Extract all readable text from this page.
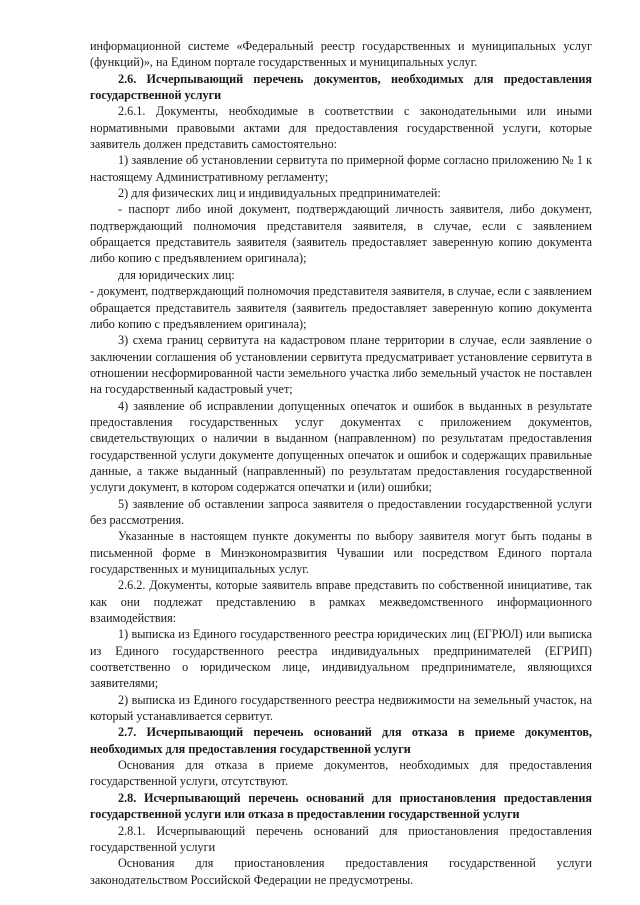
информационной системе «Федеральный реестр государственных и муниципальных услуг (функций)», на Едином портале государственных и муниципальных услуг.

2.6. Исчерпывающий перечень документов, необходимых для предоставления государственной услуги

2.6.1. Документы, необходимые в соответствии с законодательными или иными нормативными правовыми актами для предоставления государственной услуги, которые заявитель должен представить самостоятельно:

1) заявление об установлении сервитута по примерной форме согласно приложению № 1 к настоящему Административному регламенту;

2) для физических лиц и индивидуальных предпринимателей:

- паспорт либо иной документ, подтверждающий личность заявителя, либо документ, подтверждающий полномочия представителя заявителя, в случае, если с заявлением обращается представитель заявителя (заявитель предоставляет заверенную копию документа либо копию с предъявлением оригинала);

для юридических лиц:

- документ, подтверждающий полномочия представителя заявителя, в случае, если с заявлением обращается представитель заявителя (заявитель предоставляет заверенную копию документа либо копию с предъявлением оригинала);

3) схема границ сервитута на кадастровом плане территории в случае, если заявление о заключении соглашения об установлении сервитута предусматривает установление сервитута в отношении несформированной части земельного участка либо земельный участок не поставлен на государственный кадастровый учет;

4) заявление об исправлении допущенных опечаток и ошибок в выданных в результате предоставления государственных услуг документах с приложением документов, свидетельствующих о наличии в выданном (направленном) по результатам предоставления государственной услуги документе допущенных опечаток и ошибок и содержащих правильные данные, а также выданный (направленный) по результатам предоставления государственной услуги документ, в котором содержатся опечатки и (или) ошибки;

5) заявление об оставлении запроса заявителя о предоставлении государственной услуги без рассмотрения.

Указанные в настоящем пункте документы по выбору заявителя могут быть поданы в письменной форме в Минэкономразвития Чувашии или посредством Единого портала государственных и муниципальных услуг.

2.6.2. Документы, которые заявитель вправе представить по собственной инициативе, так как они подлежат представлению в рамках межведомственного информационного взаимодействия:

1) выписка из Единого государственного реестра юридических лиц (ЕГРЮЛ) или выписка из Единого государственного реестра индивидуальных предпринимателей (ЕГРИП) соответственно о юридическом лице, индивидуальном предпринимателе, являющихся заявителями;

2) выписка из Единого государственного реестра недвижимости на земельный участок, на который устанавливается сервитут.

2.7. Исчерпывающий перечень оснований для отказа в приеме документов, необходимых для предоставления государственной услуги

Основания для отказа в приеме документов, необходимых для предоставления государственной услуги, отсутствуют.

2.8. Исчерпывающий перечень оснований для приостановления предоставления государственной услуги или отказа в предоставлении государственной услуги

2.8.1. Исчерпывающий перечень оснований для приостановления предоставления государственной услуги

Основания для приостановления предоставления государственной услуги законодательством Российской Федерации не предусмотрены.
